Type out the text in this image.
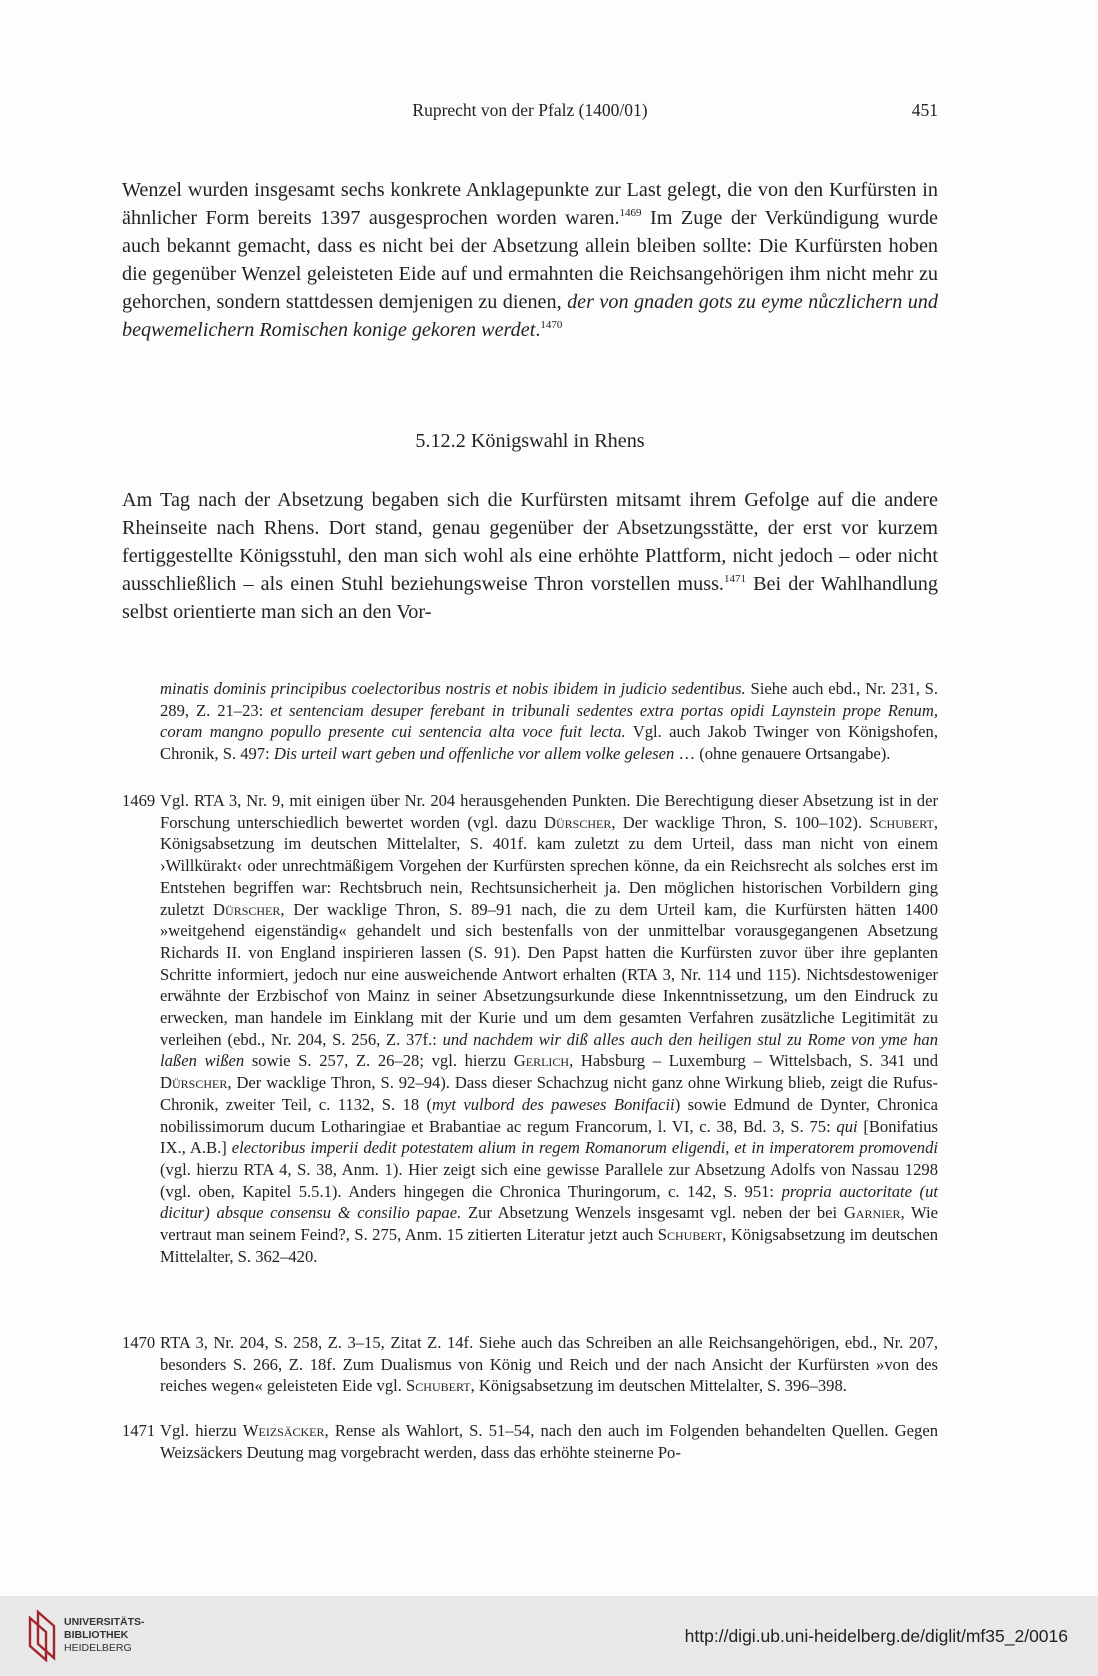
Ruprecht von der Pfalz (1400/01)	451

Wenzel wurden insgesamt sechs konkrete Anklagepunkte zur Last gelegt, die von den Kurfürsten in ähnlicher Form bereits 1397 ausgesprochen worden waren.$^{1469}$ Im Zuge der Verkündigung wurde auch bekannt gemacht, dass es nicht bei der Absetzung allein bleiben sollte: Die Kurfürsten hoben die gegenüber Wenzel geleisteten Eide auf und ermahnten die Reichsangehörigen ihm nicht mehr zu gehorchen, sondern stattdessen demjenigen zu dienen, der von gnaden gots zu eyme nůczlichern und beqwemelichern Romischen konige gekoren werdet.$^{1470}$

5.12.2 Königswahl in Rhens

Am Tag nach der Absetzung begaben sich die Kurfürsten mitsamt ihrem Gefolge auf die andere Rheinseite nach Rhens. Dort stand, genau gegenüber der Absetzungsstätte, der erst vor kurzem fertiggestellte Königsstuhl, den man sich wohl als eine erhöhte Plattform, nicht jedoch – oder nicht ausschließlich – als einen Stuhl beziehungsweise Thron vorstellen muss.$^{1471}$ Bei der Wahlhandlung selbst orientierte man sich an den Vor-

minatis dominis principibus coelectoribus nostris et nobis ibidem in judicio sedentibus. Siehe auch ebd., Nr. 231, S. 289, Z. 21–23: et sentenciam desuper ferebant in tribunali sedentes extra portas opidi Laynstein prope Renum, coram mangno popullo presente cui sentencia alta voce fuit lecta. Vgl. auch Jakob Twinger von Königshofen, Chronik, S. 497: Dis urteil wart geben und offenliche vor allem volke gelesen … (ohne genauere Ortsangabe).

1469 Vgl. RTA 3, Nr. 9, mit einigen über Nr. 204 herausgehenden Punkten. Die Berechtigung dieser Absetzung ist in der Forschung unterschiedlich bewertet worden (vgl. dazu Dürscher, Der wacklige Thron, S. 100–102). Schubert, Königsabsetzung im deutschen Mittelalter, S. 401f. kam zuletzt zu dem Urteil, dass man nicht von einem ›Willkürakt‹ oder unrechtmäßigem Vorgehen der Kurfürsten sprechen könne, da ein Reichsrecht als solches erst im Entstehen begriffen war: Rechtsbruch nein, Rechtsunsicherheit ja. Den möglichen historischen Vorbildern ging zuletzt Dürscher, Der wacklige Thron, S. 89–91 nach, die zu dem Urteil kam, die Kurfürsten hätten 1400 »weitgehend eigenständig« gehandelt und sich bestenfalls von der unmittelbar vorausgegangenen Absetzung Richards II. von England inspirieren lassen (S. 91). Den Papst hatten die Kurfürsten zuvor über ihre geplanten Schritte informiert, jedoch nur eine ausweichende Antwort erhalten (RTA 3, Nr. 114 und 115). Nichtsdestoweniger erwähnte der Erzbischof von Mainz in seiner Absetzungsurkunde diese Inkenntnissetzung, um den Eindruck zu erwecken, man handele im Einklang mit der Kurie und um dem gesamten Verfahren zusätzliche Legitimität zu verleihen (ebd., Nr. 204, S. 256, Z. 37f.: und nachdem wir diß alles auch den heiligen stul zu Rome von yme han laßen wißen sowie S. 257, Z. 26–28; vgl. hierzu Gerlich, Habsburg – Luxemburg – Wittelsbach, S. 341 und Dürscher, Der wacklige Thron, S. 92–94). Dass dieser Schachzug nicht ganz ohne Wirkung blieb, zeigt die Rufus-Chronik, zweiter Teil, c. 1132, S. 18 (myt vulbord des paweses Bonifacii) sowie Edmund de Dynter, Chronica nobilissimorum ducum Lotharingiae et Brabantiae ac regum Francorum, l. VI, c. 38, Bd. 3, S. 75: qui [Bonifatius IX., A.B.] electoribus imperii dedit potestatem alium in regem Romanorum eligendi, et in imperatorem promovendi (vgl. hierzu RTA 4, S. 38, Anm. 1). Hier zeigt sich eine gewisse Parallele zur Absetzung Adolfs von Nassau 1298 (vgl. oben, Kapitel 5.5.1). Anders hingegen die Chronica Thuringorum, c. 142, S. 951: propria auctoritate (ut dicitur) absque consensu & consilio papae. Zur Absetzung Wenzels insgesamt vgl. neben der bei Garnier, Wie vertraut man seinem Feind?, S. 275, Anm. 15 zitierten Literatur jetzt auch Schubert, Königsabsetzung im deutschen Mittelalter, S. 362–420.
1470 RTA 3, Nr. 204, S. 258, Z. 3–15, Zitat Z. 14f. Siehe auch das Schreiben an alle Reichsangehörigen, ebd., Nr. 207, besonders S. 266, Z. 18f. Zum Dualismus von König und Reich und der nach Ansicht der Kurfürsten »von des reiches wegen« geleisteten Eide vgl. Schubert, Königsabsetzung im deutschen Mittelalter, S. 396–398.
1471 Vgl. hierzu Weizsäcker, Rense als Wahlort, S. 51–54, nach den auch im Folgenden behandelten Quellen. Gegen Weizsäckers Deutung mag vorgebracht werden, dass das erhöhte steinerne Po-
UNIVERSITÄTS-
BIBLIOTHEK
HEIDELBERG
http://digi.ub.uni-heidelberg.de/diglit/mf35_2/0016
